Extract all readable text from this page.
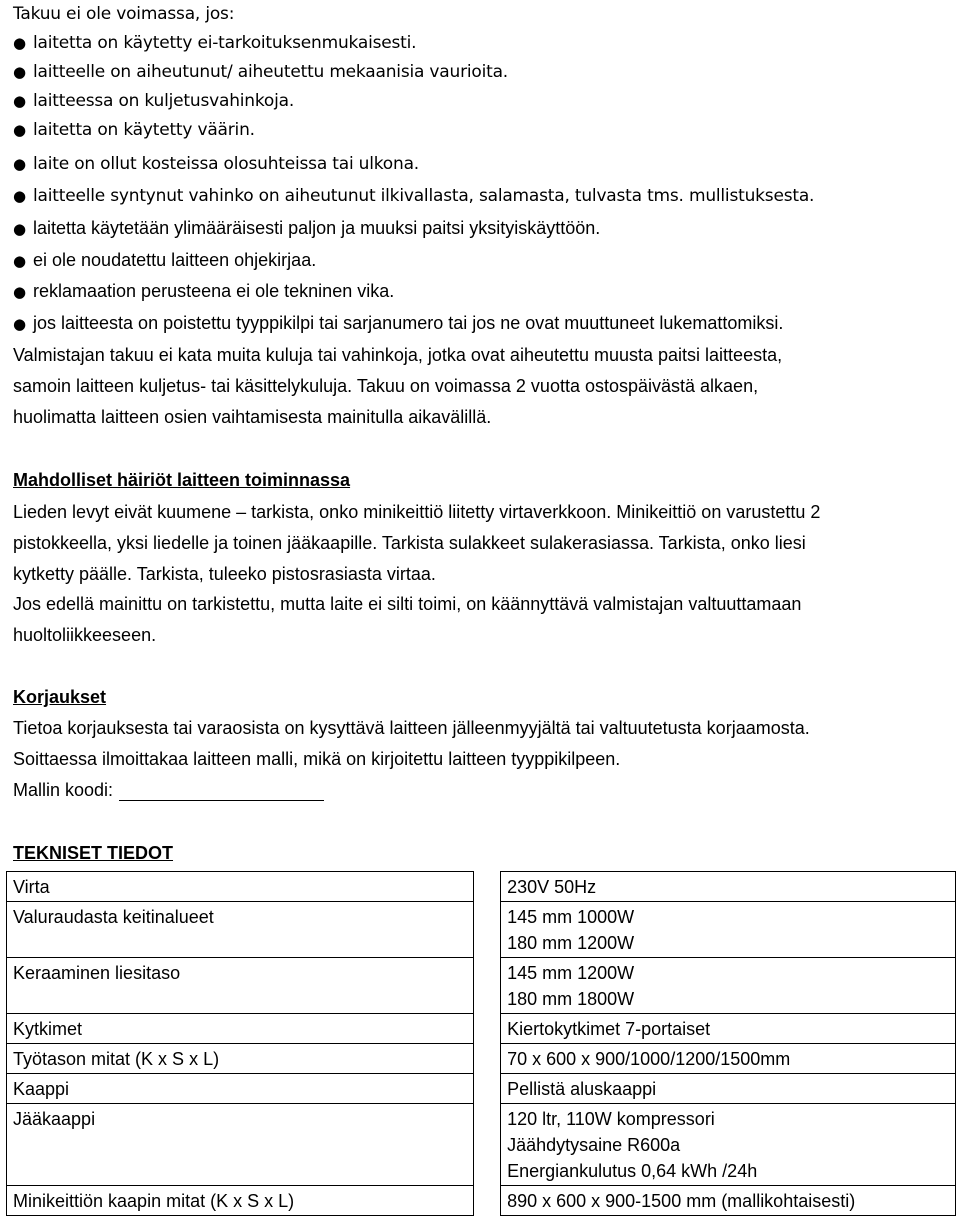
Takuu ei ole voimassa, jos:
● laitetta on käytetty ei-tarkoituksenmukaisesti.
● laitteelle on aiheutunut/ aiheutettu mekaanisia vaurioita.
● laitteessa on kuljetusvahinkoja.
● laitetta on käytetty väärin.
● laite on ollut kosteissa olosuhteissa tai ulkona.
● laitteelle syntynut vahinko on aiheutunut ilkivallasta, salamasta, tulvasta tms. mullistuksesta.
● laitetta käytetään ylimääräisesti paljon ja muuksi paitsi yksityiskäyttöön.
● ei ole noudatettu laitteen ohjekirjaa.
● reklamaation perusteena ei ole tekninen vika.
● jos laitteesta on poistettu tyyppikilpi tai sarjanumero tai jos ne ovat muuttuneet lukemattomiksi.
Valmistajan takuu ei kata muita kuluja tai vahinkoja, jotka ovat aiheutettu muusta paitsi laitteesta,
samoin laitteen kuljetus- tai käsittelykuluja. Takuu on voimassa 2 vuotta ostospäivästä alkaen,
huolimatta laitteen osien vaihtamisesta mainitulla aikavälillä.
Mahdolliset häiriöt laitteen toiminnassa
Lieden levyt eivät kuumene – tarkista, onko minikeittiö liitetty virtaverkkoon. Minikeittiö on varustettu 2
pistokkeella, yksi liedelle ja toinen jääkaapille. Tarkista sulakkeet sulakerasiassa. Tarkista, onko liesi
kytketty päälle. Tarkista, tuleeko pistosrasiasta virtaa.
Jos edellä mainittu on tarkistettu, mutta laite ei silti toimi, on käännyttävä valmistajan valtuuttamaan
huoltoliikkeeseen.
Korjaukset
Tietoa korjauksesta tai varaosista on kysyttävä laitteen jälleenmyyjältä tai valtuutetusta korjaamosta.
Soittaessa ilmoittakaa laitteen malli, mikä on kirjoitettu laitteen tyyppikilpeen.
Mallin koodi:
TEKNISET TIEDOT
Virta		230V 50Hz

Valuraudasta keitinalueet		145 mm 1000W
180 mm 1200W

Keraaminen liesitaso		145 mm 1200W
180 mm 1800W

Kytkimet		Kiertokytkimet 7-portaiset

Työtason mitat (K x S x L)		70 x 600 x 900/1000/1200/1500mm

Kaappi		Pellistä aluskaappi

Jääkaappi		120 ltr, 110W kompressori
Jäähdytysaine R600a
Energiankulutus 0,64 kWh /24h

Minikeittiön kaapin mitat (K x S x L)		890 x 600 x 900-1500 mm (mallikohtaisesti)
